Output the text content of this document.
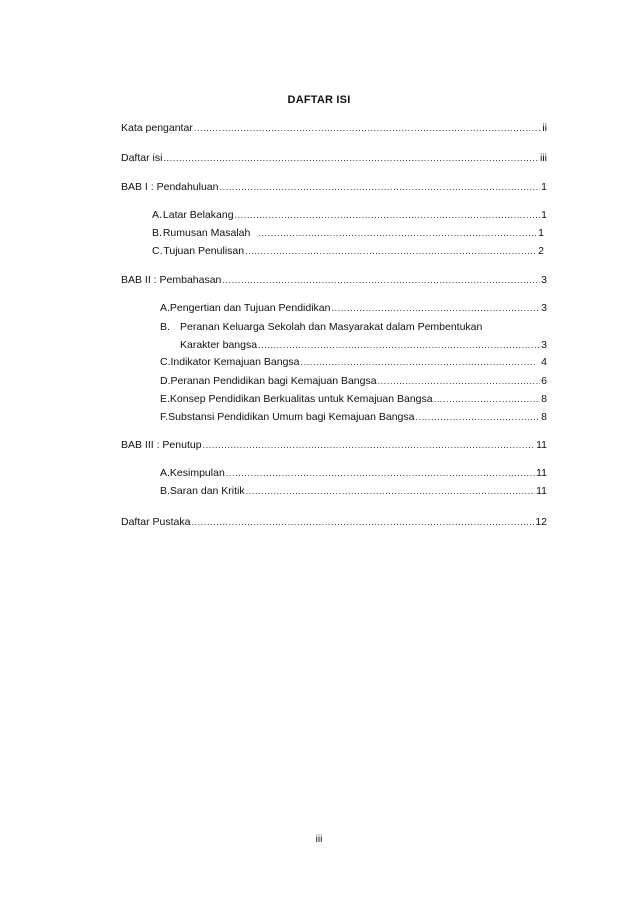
DAFTAR ISI
Kata pengantar .....	ii
Daftar isi .....	iii
BAB I : Pendahuluan .....	1
A. Latar Belakang .....	1
B. Rumusan Masalah .....	1
C. Tujuan Penulisan .....	2
BAB II : Pembahasan .....	3
A. Pengertian dan Tujuan Pendidikan .....	3
B. Peranan Keluarga Sekolah dan Masyarakat dalam Pembentukan
Karakter bangsa .....	3
C. Indikator Kemajuan Bangsa .....	4
D. Peranan Pendidikan bagi Kemajuan Bangsa .....	6
E. Konsep Pendidikan Berkualitas untuk Kemajuan Bangsa .....	8
F. Substansi Pendidikan Umum bagi Kemajuan Bangsa .....	8
BAB III : Penutup .....	11
A. Kesimpulan .....	11
B. Saran dan Kritik .....	11
Daftar Pustaka .....	12
iii
